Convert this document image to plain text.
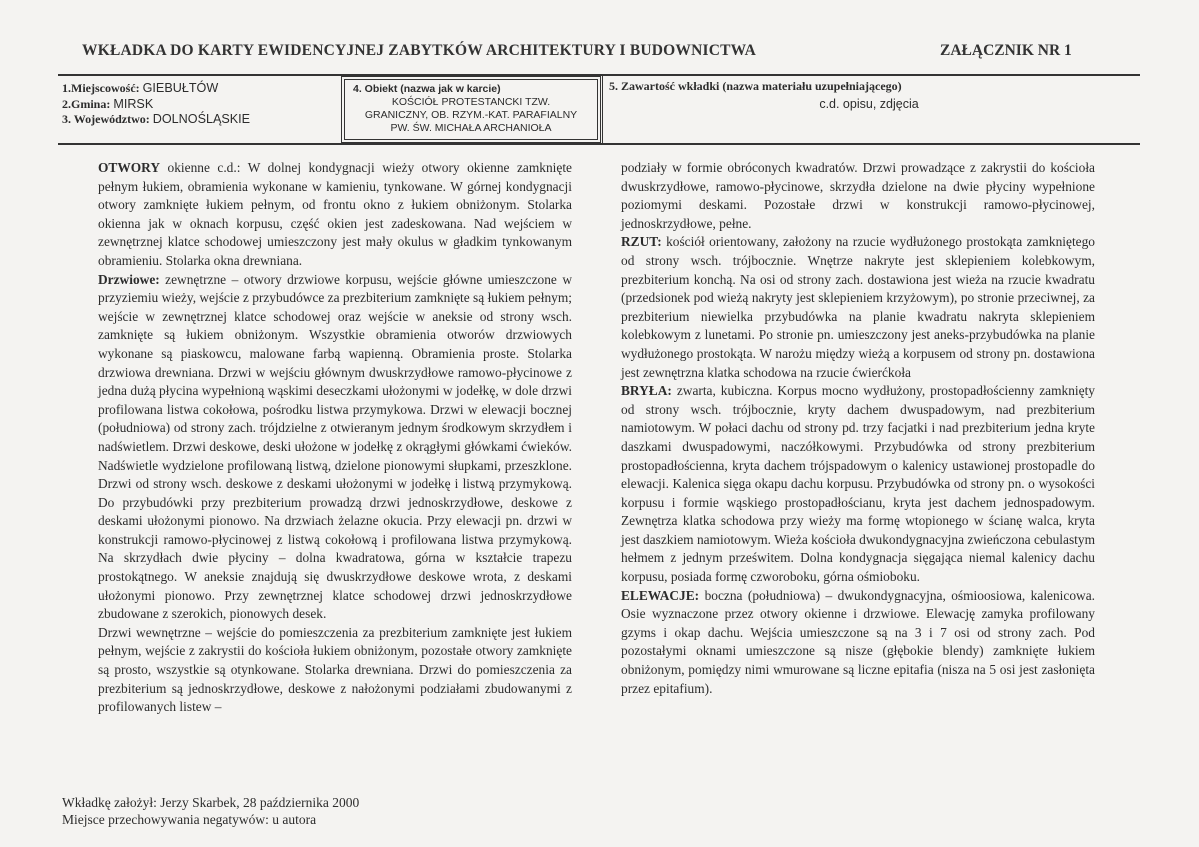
WKŁADKA DO KARTY EWIDENCYJNEJ ZABYTKÓW ARCHITEKTURY I BUDOWNICTWA	ZAŁĄCZNIK NR 1
1.Miejscowość: GIEBUŁTÓW
2.Gmina: MIRSK
3. Województwo: DOLNOŚLĄSKIE
4. Obiekt (nazwa jak w karcie)
KOŚCIÓŁ PROTESTANCKI TZW.
GRANICZNY, OB. RZYM.-KAT. PARAFIALNY
PW. ŚW. MICHAŁA ARCHANIOŁA
5. Zawartość wkładki (nazwa materiału uzupełniającego)
c.d. opisu, zdjęcia

OTWORY okienne c.d.: W dolnej kondygnacji wieży otwory okienne zamknięte pełnym łukiem, obramienia wykonane w kamieniu, tynkowane. W górnej kondygnacji otwory zamknięte łukiem pełnym, od frontu okno z łukiem obniżonym. Stolarka okienna jak w oknach korpusu, część okien jest zadeskowana. Nad wejściem w zewnętrznej klatce schodowej umieszczony jest mały okulus w gładkim tynkowanym obramieniu. Stolarka okna drewniana.

Drzwiowe: zewnętrzne – otwory drzwiowe korpusu, wejście główne umieszczone w przyziemiu wieży, wejście z przybudówce za prezbiterium zamknięte są łukiem pełnym; wejście w zewnętrznej klatce schodowej oraz wejście w aneksie od strony wsch. zamknięte są łukiem obniżonym. Wszystkie obramienia otworów drzwiowych wykonane są piaskowcu, malowane farbą wapienną. Obramienia proste. Stolarka drzwiowa drewniana. Drzwi w wejściu głównym dwuskrzydłowe ramowo-płycinowe z jedna dużą płycina wypełnioną wąskimi deseczkami ułożonymi w jodełkę, w dole drzwi profilowana listwa cokołowa, pośrodku listwa przymykowa. Drzwi w elewacji bocznej (południowa) od strony zach. trójdzielne z otwieranym jednym środkowym skrzydłem i nadświetlem. Drzwi deskowe, deski ułożone w jodełkę z okrągłymi główkami ćwieków. Nadświetle wydzielone profilowaną listwą, dzielone pionowymi słupkami, przeszklone. Drzwi od strony wsch. deskowe z deskami ułożonymi w jodełkę i listwą przymykową. Do przybudówki przy prezbiterium prowadzą drzwi jednoskrzydłowe, deskowe z deskami ułożonymi pionowo. Na drzwiach żelazne okucia. Przy elewacji pn. drzwi w konstrukcji ramowo-płycinowej z listwą cokołową i profilowana listwa przymykową. Na skrzydłach dwie płyciny – dolna kwadratowa, górna w kształcie trapezu prostokątnego. W aneksie znajdują się dwuskrzydłowe deskowe wrota, z deskami ułożonymi pionowo. Przy zewnętrznej klatce schodowej drzwi jednoskrzydłowe zbudowane z szerokich, pionowych desek.

Drzwi wewnętrzne – wejście do pomieszczenia za prezbiterium zamknięte jest łukiem pełnym, wejście z zakrystii do kościoła łukiem obniżonym, pozostałe otwory zamknięte są prosto, wszystkie są otynkowane. Stolarka drewniana. Drzwi do pomieszczenia za prezbiterium są jednoskrzydłowe, deskowe z nałożonymi podziałami zbudowanymi z profilowanych listew –

podziały w formie obróconych kwadratów. Drzwi prowadzące z zakrystii do kościoła dwuskrzydłowe, ramowo-płycinowe, skrzydła dzielone na dwie płyciny wypełnione poziomymi deskami. Pozostałe drzwi w konstrukcji ramowo-płycinowej, jednoskrzydłowe, pełne.

RZUT: kościół orientowany, założony na rzucie wydłużonego prostokąta zamkniętego od strony wsch. trójbocznie. Wnętrze nakryte jest sklepieniem kolebkowym, prezbiterium konchą. Na osi od strony zach. dostawiona jest wieża na rzucie kwadratu (przedsionek pod wieżą nakryty jest sklepieniem krzyżowym), po stronie przeciwnej, za prezbiterium niewielka przybudówka na planie kwadratu nakryta sklepieniem kolebkowym z lunetami. Po stronie pn. umieszczony jest aneks-przybudówka na planie wydłużonego prostokąta. W narożu między wieżą a korpusem od strony pn. dostawiona jest zewnętrzna klatka schodowa na rzucie ćwierćkoła

BRYŁA: zwarta, kubiczna. Korpus mocno wydłużony, prostopadłościenny zamknięty od strony wsch. trójbocznie, kryty dachem dwuspadowym, nad prezbiterium namiotowym. W połaci dachu od strony pd. trzy facjatki i nad prezbiterium jedna kryte daszkami dwuspadowymi, naczółkowymi. Przybudówka od strony prezbiterium prostopadłościenna, kryta dachem trójspadowym o kalenicy ustawionej prostopadle do elewacji. Kalenica sięga okapu dachu korpusu. Przybudówka od strony pn. o wysokości korpusu i formie wąskiego prostopadłościanu, kryta jest dachem jednospadowym. Zewnętrza klatka schodowa przy wieży ma formę wtopionego w ścianę walca, kryta jest daszkiem namiotowym. Wieża kościoła dwukondygnacyjna zwieńczona cebulastym hełmem z jednym prześwitem. Dolna kondygnacja sięgająca niemal kalenicy dachu korpusu, posiada formę czworoboku, górna ośmioboku.

ELEWACJE: boczna (południowa) – dwukondygnacyjna, ośmioosiowa, kalenicowa. Osie wyznaczone przez otwory okienne i drzwiowe. Elewację zamyka profilowany gzyms i okap dachu. Wejścia umieszczone są na 3 i 7 osi od strony zach. Pod pozostałymi oknami umieszczone są nisze (głębokie blendy) zamknięte łukiem obniżonym, pomiędzy nimi wmurowane są liczne epitafia (nisza na 5 osi jest zasłonięta przez epitafium).

Wkładkę założył: Jerzy Skarbek, 28 października 2000
Miejsce przechowywania negatywów: u autora
